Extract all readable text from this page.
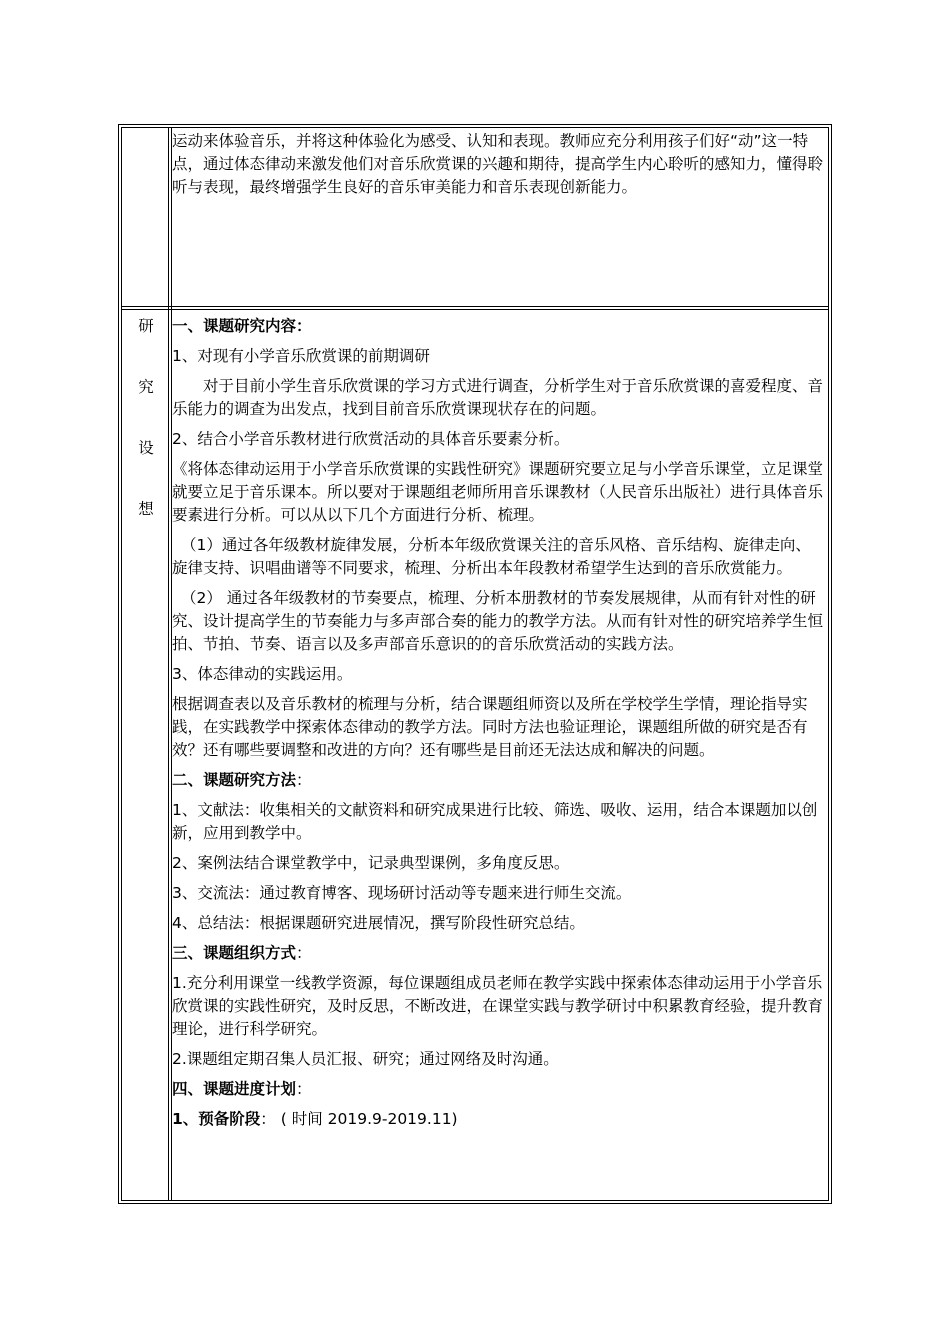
运动来体验音乐，并将这种体验化为感受、认知和表现。教师应充分利用孩子们好“动”这一特点，通过体态律动来激发他们对音乐欣赏课的兴趣和期待，提高学生内心聆听的感知力，懂得聆听与表现，最终增强学生良好的音乐审美能力和音乐表现创新能力。

研
究
设
想

一、课题研究内容：

1、对现有小学音乐欣赏课的前期调研

对于目前小学生音乐欣赏课的学习方式进行调查，分析学生对于音乐欣赏课的喜爱程度、音乐能力的调查为出发点，找到目前音乐欣赏课现状存在的问题。

2、结合小学音乐教材进行欣赏活动的具体音乐要素分析。

《将体态律动运用于小学音乐欣赏课的实践性研究》课题研究要立足与小学音乐课堂，立足课堂就要立足于音乐课本。所以要对于课题组老师所用音乐课教材（人民音乐出版社）进行具体音乐要素进行分析。可以从以下几个方面进行分析、梳理。

（1）通过各年级教材旋律发展，分析本年级欣赏课关注的音乐风格、音乐结构、旋律走向、旋律支持、识唱曲谱等不同要求，梳理、分析出本年段教材希望学生达到的音乐欣赏能力。

（2） 通过各年级教材的节奏要点，梳理、分析本册教材的节奏发展规律，从而有针对性的研究、设计提高学生的节奏能力与多声部合奏的能力的教学方法。从而有针对性的研究培养学生恒拍、节拍、节奏、语言以及多声部音乐意识的的音乐欣赏活动的实践方法。

3、体态律动的实践运用。

根据调查表以及音乐教材的梳理与分析，结合课题组师资以及所在学校学生学情，理论指导实践，在实践教学中探索体态律动的教学方法。同时方法也验证理论，课题组所做的研究是否有效？还有哪些要调整和改进的方向？还有哪些是目前还无法达成和解决的问题。

二、课题研究方法：

1、文献法：收集相关的文献资料和研究成果进行比较、筛选、吸收、运用，结合本课题加以创新，应用到教学中。

2、案例法结合课堂教学中，记录典型课例，多角度反思。

3、交流法：通过教育博客、现场研讨活动等专题来进行师生交流。

4、总结法：根据课题研究进展情况，撰写阶段性研究总结。

三、课题组织方式：

1.充分利用课堂一线教学资源，每位课题组成员老师在教学实践中探索体态律动运用于小学音乐欣赏课的实践性研究，及时反思，不断改进，在课堂实践与教学研讨中积累教育经验，提升教育理论，进行科学研究。

2.课题组定期召集人员汇报、研究；通过网络及时沟通。

四、课题进度计划：

1、预备阶段： ( 时间 2019.9-2019.11)
